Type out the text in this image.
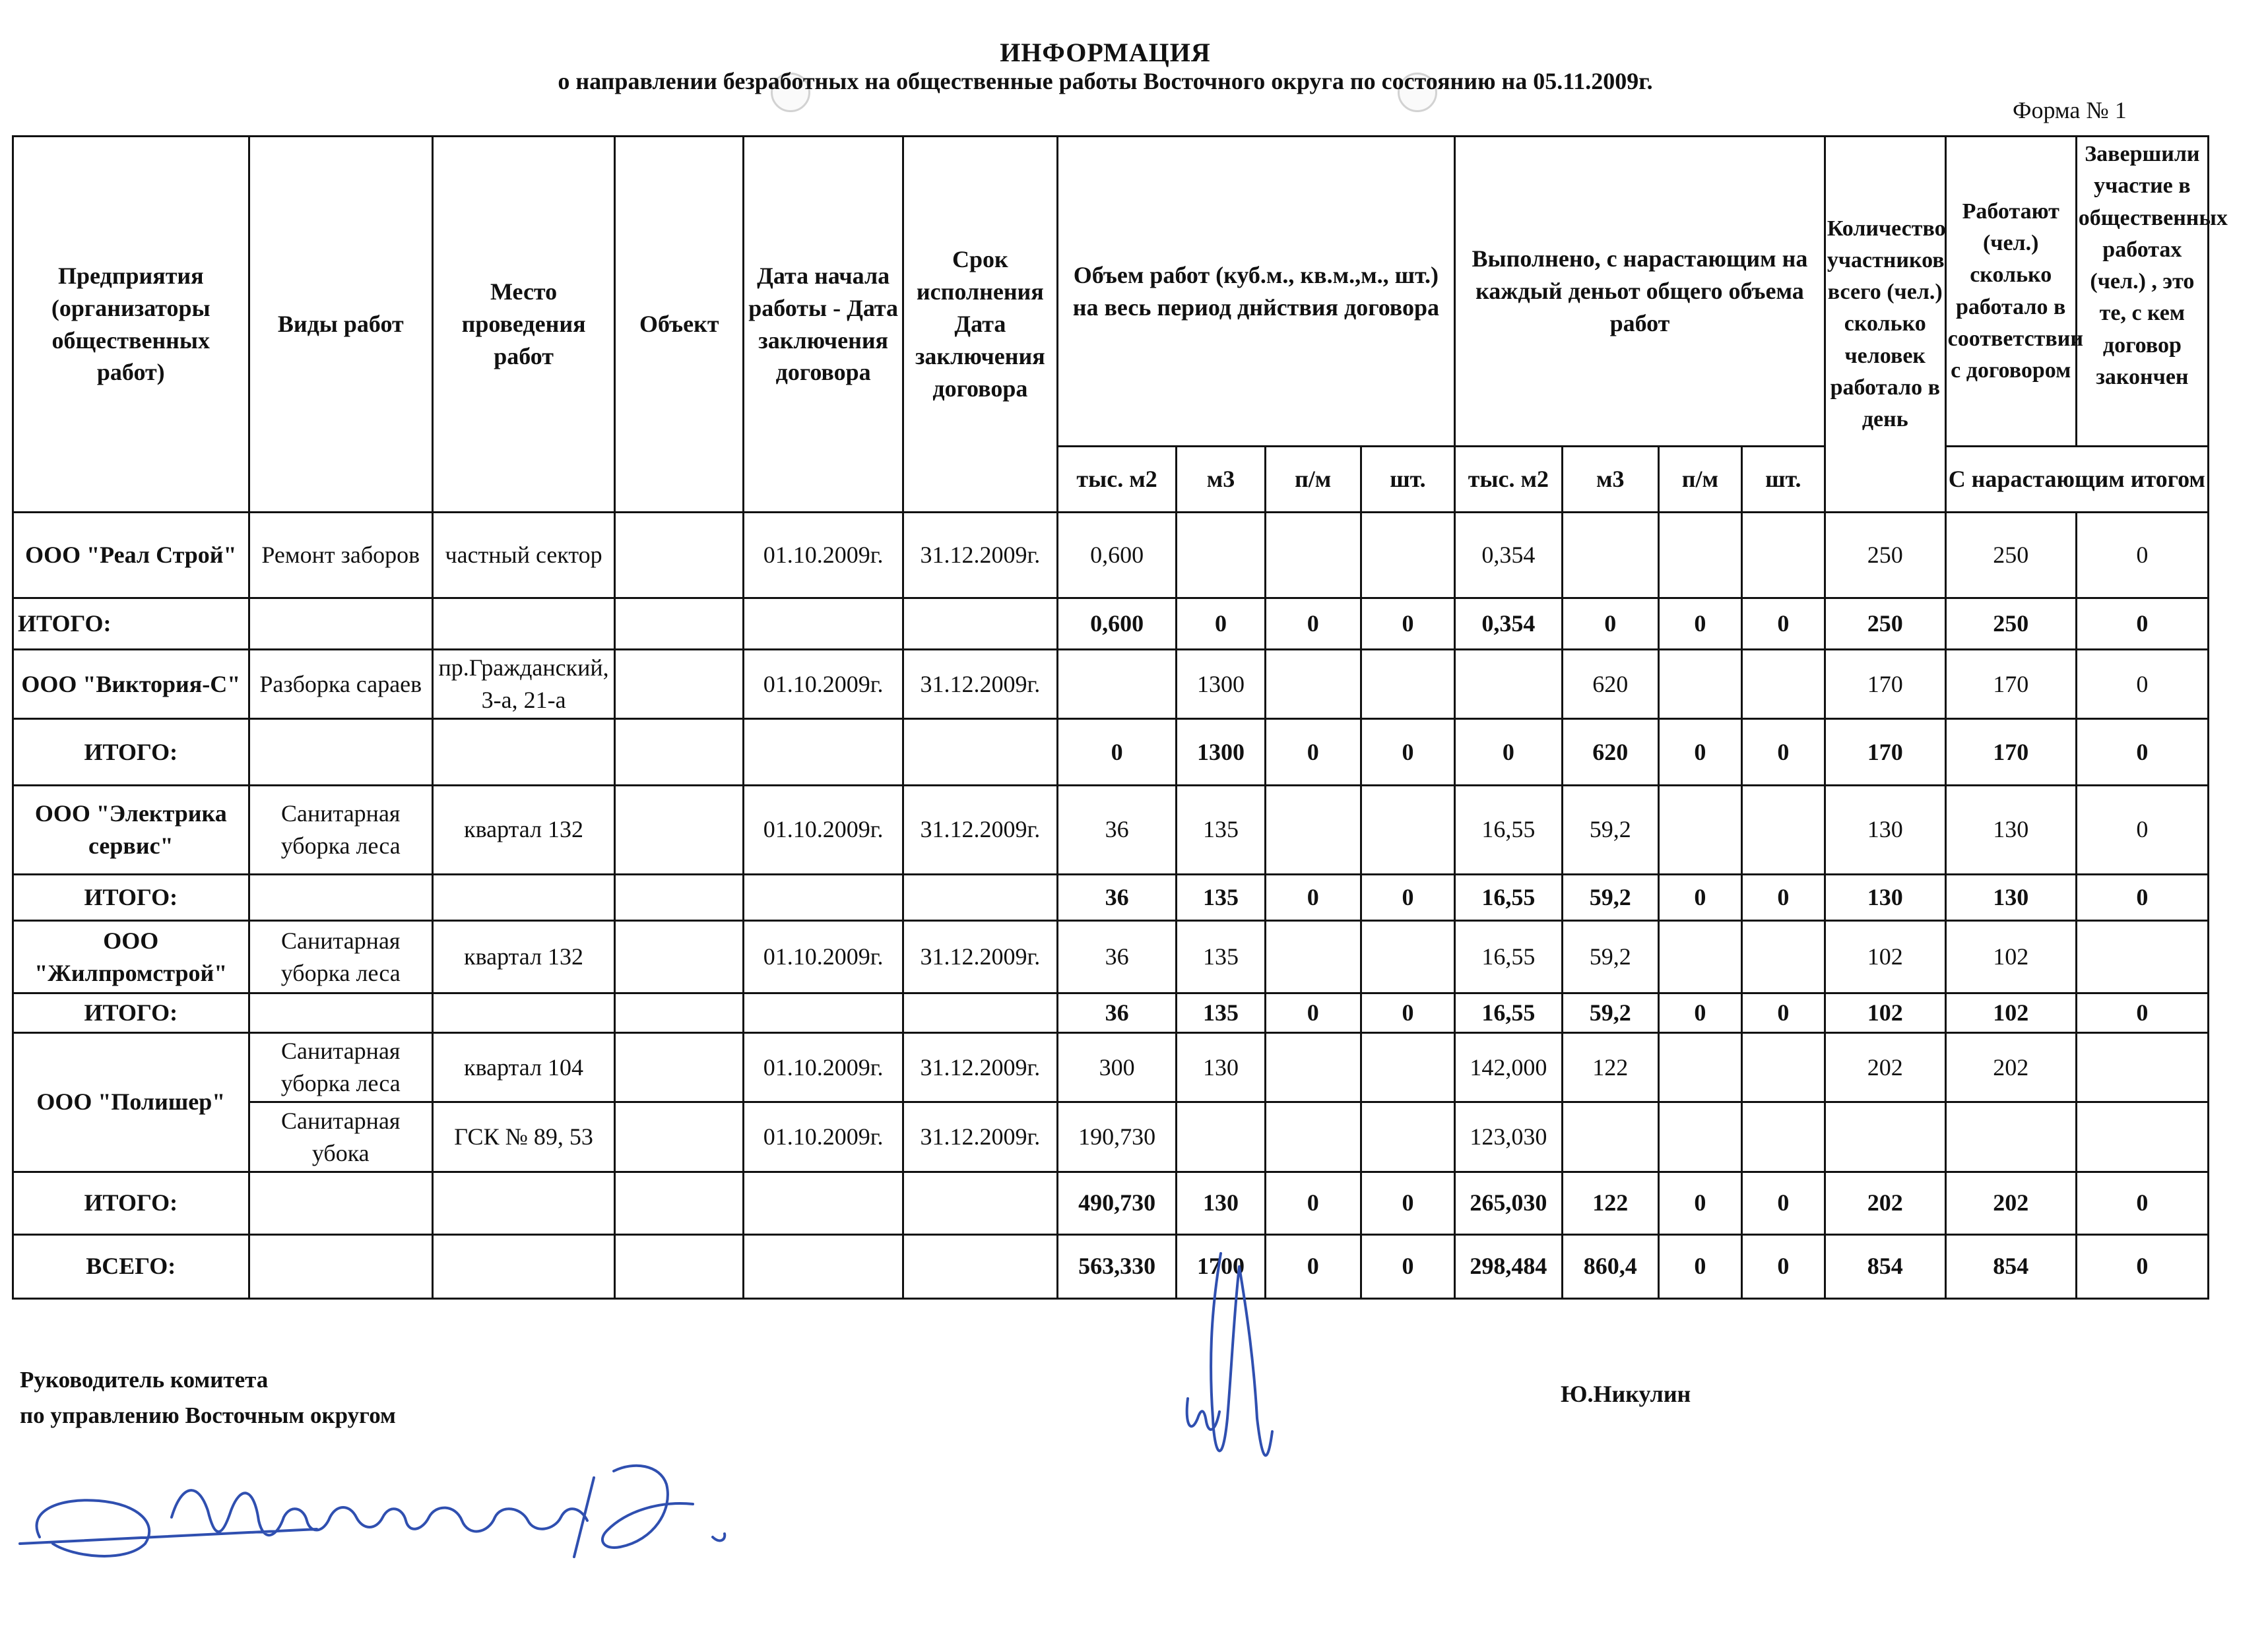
ИНФОРМАЦИЯ
о направлении безработных на общественные работы Восточного округа по состоянию на 05.11.2009г.
Форма № 1
Предприятия (организаторы общественных работ)	Виды работ	Место проведения работ	Объект	Дата начала работы - Дата заключения договора	Срок исполнения Дата заключения договора	Объем работ (куб.м., кв.м.,м., шт.) на весь период днйствия договора				Выполнено, с нарастающим на каждый деньот общего объема работ				Количество участников всего (чел.) сколько человек работало в день	Работают (чел.) сколько работало в соответствии с договором	Завершили участие в общественных работах (чел.) , это те, с кем договор закончен
						тыс. м2	м3	п/м	шт.	тыс. м2	м3	п/м	шт.		С нарастающим итогом	
ООО "Реал Строй"	Ремонт заборов	частный сектор		01.10.2009г.	31.12.2009г.	0,600				0,354				250	250	0
ИТОГО:						0,600	0	0	0	0,354	0	0	0	250	250	0
ООО "Виктория-С"	Разборка сараев	пр.Гражданский, 3-а, 21-а		01.10.2009г.	31.12.2009г.		1300				620			170	170	0
ИТОГО:						0	1300	0	0	0	620	0	0	170	170	0
ООО "Электрика сервис"	Санитарная уборка леса	квартал 132		01.10.2009г.	31.12.2009г.	36	135			16,55	59,2			130	130	0
ИТОГО:						36	135	0	0	16,55	59,2	0	0	130	130	0
ООО "Жилпромстрой"	Санитарная уборка леса	квартал 132		01.10.2009г.	31.12.2009г.	36	135			16,55	59,2			102	102	
ИТОГО:						36	135	0	0	16,55	59,2	0	0	102	102	0
ООО "Полишер"	Санитарная уборка леса	квартал 104		01.10.2009г.	31.12.2009г.	300	130			142,000	122			202	202	
	Санитарная убока	ГСК № 89, 53		01.10.2009г.	31.12.2009г.	190,730				123,030						
ИТОГО:						490,730	130	0	0	265,030	122	0	0	202	202	0
ВСЕГО:						563,330	1700	0	0	298,484	860,4	0	0	854	854	0
Руководитель комитета
по управлению Восточным округом
Ю.Никулин
